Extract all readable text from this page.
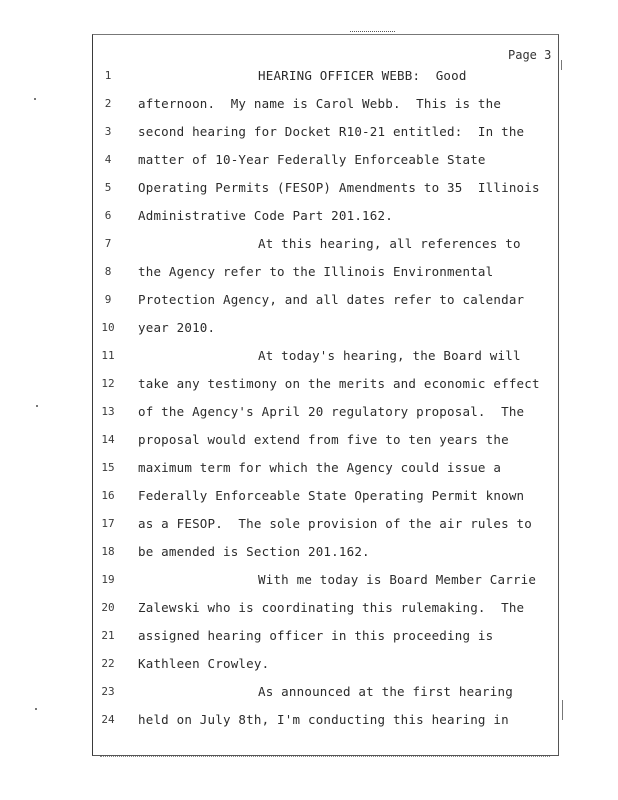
Page 3
1	HEARING OFFICER WEBB:  Good
2	afternoon.  My name is Carol Webb.  This is the
3	second hearing for Docket R10-21 entitled:  In the
4	matter of 10-Year Federally Enforceable State
5	Operating Permits (FESOP) Amendments to 35  Illinois
6	Administrative Code Part 201.162.
7	At this hearing, all references to
8	the Agency refer to the Illinois Environmental
9	Protection Agency, and all dates refer to calendar
10	year 2010.
11	At today's hearing, the Board will
12	take any testimony on the merits and economic effect
13	of the Agency's April 20 regulatory proposal.  The
14	proposal would extend from five to ten years the
15	maximum term for which the Agency could issue a
16	Federally Enforceable State Operating Permit known
17	as a FESOP.  The sole provision of the air rules to
18	be amended is Section 201.162.
19	With me today is Board Member Carrie
20	Zalewski who is coordinating this rulemaking.  The
21	assigned hearing officer in this proceeding is
22	Kathleen Crowley.
23	As announced at the first hearing
24	held on July 8th, I'm conducting this hearing in
